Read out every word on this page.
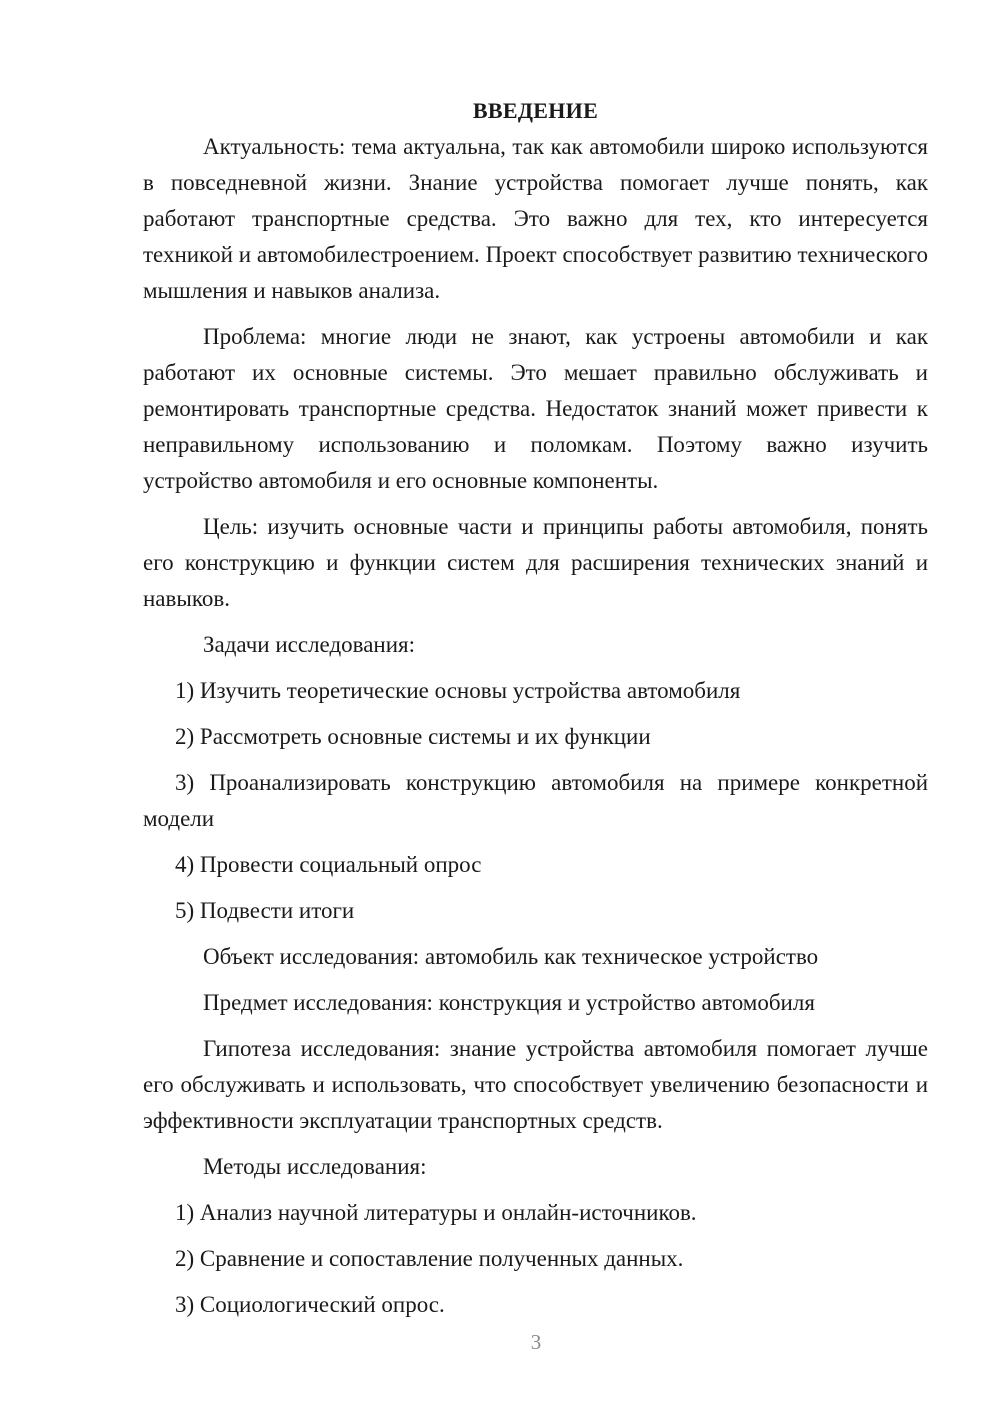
ВВЕДЕНИЕ

Актуальность: тема актуальна, так как автомобили широко используются в повседневной жизни. Знание устройства помогает лучше понять, как работают транспортные средства. Это важно для тех, кто интересуется техникой и автомобилестроением. Проект способствует развитию технического мышления и навыков анализа.

Проблема: многие люди не знают, как устроены автомобили и как работают их основные системы. Это мешает правильно обслуживать и ремонтировать транспортные средства. Недостаток знаний может привести к неправильному использованию и поломкам. Поэтому важно изучить устройство автомобиля и его основные компоненты.

Цель: изучить основные части и принципы работы автомобиля, понять его конструкцию и функции систем для расширения технических знаний и навыков.

Задачи исследования:
1) Изучить теоретические основы устройства автомобиля
2) Рассмотреть основные системы и их функции

3) Проанализировать конструкцию автомобиля на примере конкретной модели

4) Провести социальный опрос
5) Подвести итоги
Объект исследования: автомобиль как техническое устройство
Предмет исследования: конструкция и устройство автомобиля

Гипотеза исследования: знание устройства автомобиля помогает лучше его обслуживать и использовать, что способствует увеличению безопасности и эффективности эксплуатации транспортных средств.

Методы исследования:
1) Анализ научной литературы и онлайн-источников.
2) Сравнение и сопоставление полученных данных.
3) Социологический опрос.
3
